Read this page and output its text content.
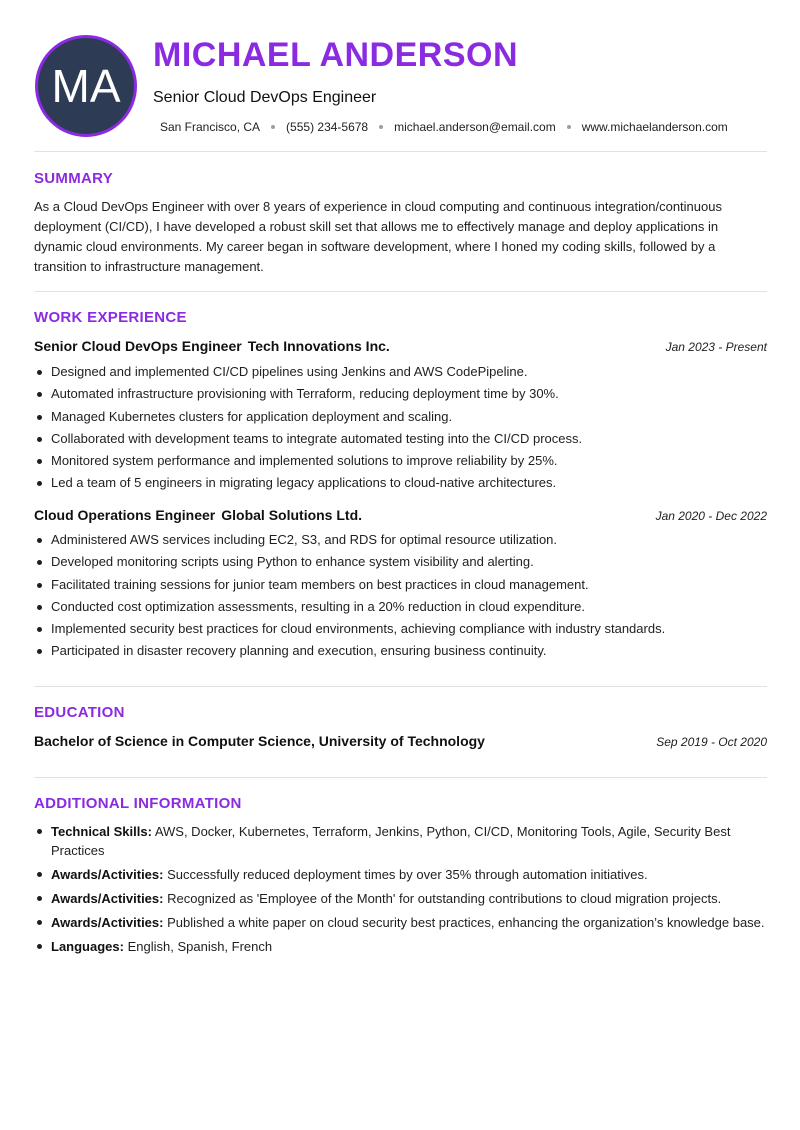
MA
MICHAEL ANDERSON
Senior Cloud DevOps Engineer
San Francisco, CA (555) 234-5678 michael.anderson@email.com www.michaelanderson.com
SUMMARY

As a Cloud DevOps Engineer with over 8 years of experience in cloud computing and continuous integration/continuous deployment (CI/CD), I have developed a robust skill set that allows me to effectively manage and deploy applications in dynamic cloud environments. My career began in software development, where I honed my coding skills, followed by a transition to infrastructure management.

WORK EXPERIENCE
Senior Cloud DevOps Engineer Tech Innovations Inc.	Jan 2023 - Present
Designed and implemented CI/CD pipelines using Jenkins and AWS CodePipeline.
Automated infrastructure provisioning with Terraform, reducing deployment time by 30%.
Managed Kubernetes clusters for application deployment and scaling.
Collaborated with development teams to integrate automated testing into the CI/CD process.
Monitored system performance and implemented solutions to improve reliability by 25%.
Led a team of 5 engineers in migrating legacy applications to cloud-native architectures.
Cloud Operations Engineer Global Solutions Ltd.	Jan 2020 - Dec 2022
Administered AWS services including EC2, S3, and RDS for optimal resource utilization.
Developed monitoring scripts using Python to enhance system visibility and alerting.
Facilitated training sessions for junior team members on best practices in cloud management.
Conducted cost optimization assessments, resulting in a 20% reduction in cloud expenditure.
Implemented security best practices for cloud environments, achieving compliance with industry standards.
Participated in disaster recovery planning and execution, ensuring business continuity.
EDUCATION
Bachelor of Science in Computer Science, University of Technology	Sep 2019 - Oct 2020
ADDITIONAL INFORMATION
Technical Skills: AWS, Docker, Kubernetes, Terraform, Jenkins, Python, CI/CD, Monitoring Tools, Agile, Security Best Practices
Awards/Activities: Successfully reduced deployment times by over 35% through automation initiatives.
Awards/Activities: Recognized as 'Employee of the Month' for outstanding contributions to cloud migration projects.
Awards/Activities: Published a white paper on cloud security best practices, enhancing the organization’s knowledge base.
Languages: English, Spanish, French
